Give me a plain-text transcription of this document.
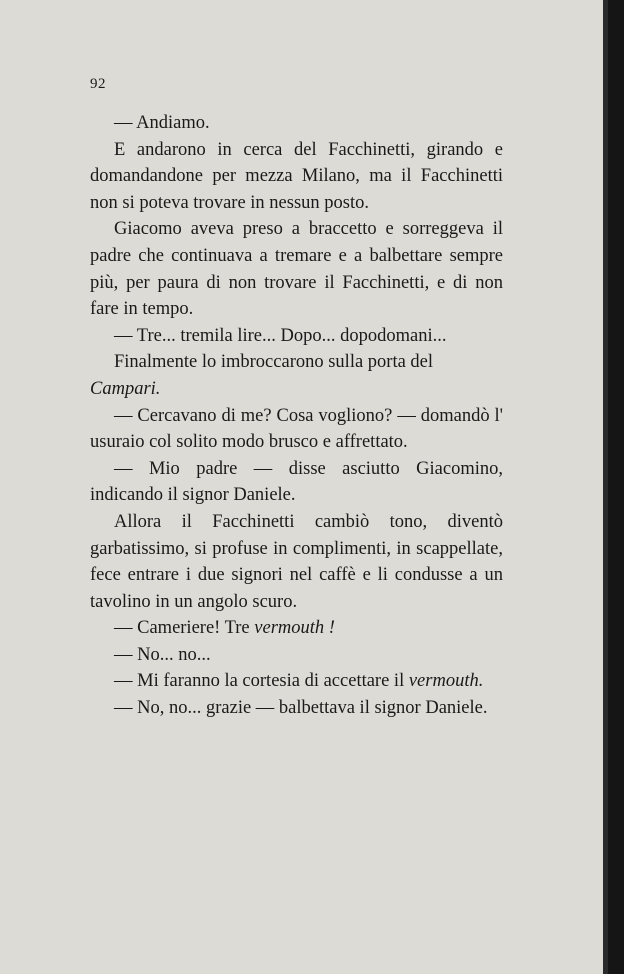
92

— Andiamo.

E andarono in cerca del Facchinetti, girando e domandandone per mezza Milano, ma il Facchinetti non si poteva trovare in nessun posto.

Giacomo aveva preso a braccetto e sorreggeva il padre che continuava a tremare e a balbettare sempre più, per paura di non trovare il Facchinetti, e di non fare in tempo.

— Tre... tremila lire... Dopo... dopodomani...

Finalmente lo imbroccarono sulla porta del Campari.

— Cercavano di me? Cosa vogliono? — domandò l' usuraio col solito modo brusco e affrettato.

— Mio padre — disse asciutto Giacomino, indicando il signor Daniele.

Allora il Facchinetti cambiò tono, diventò garbatissimo, si profuse in complimenti, in scappellate, fece entrare i due signori nel caffè e li condusse a un tavolino in un angolo scuro.

— Cameriere! Tre vermouth !

— No... no...

— Mi faranno la cortesia di accettare il vermouth.

— No, no... grazie — balbettava il signor Daniele.
